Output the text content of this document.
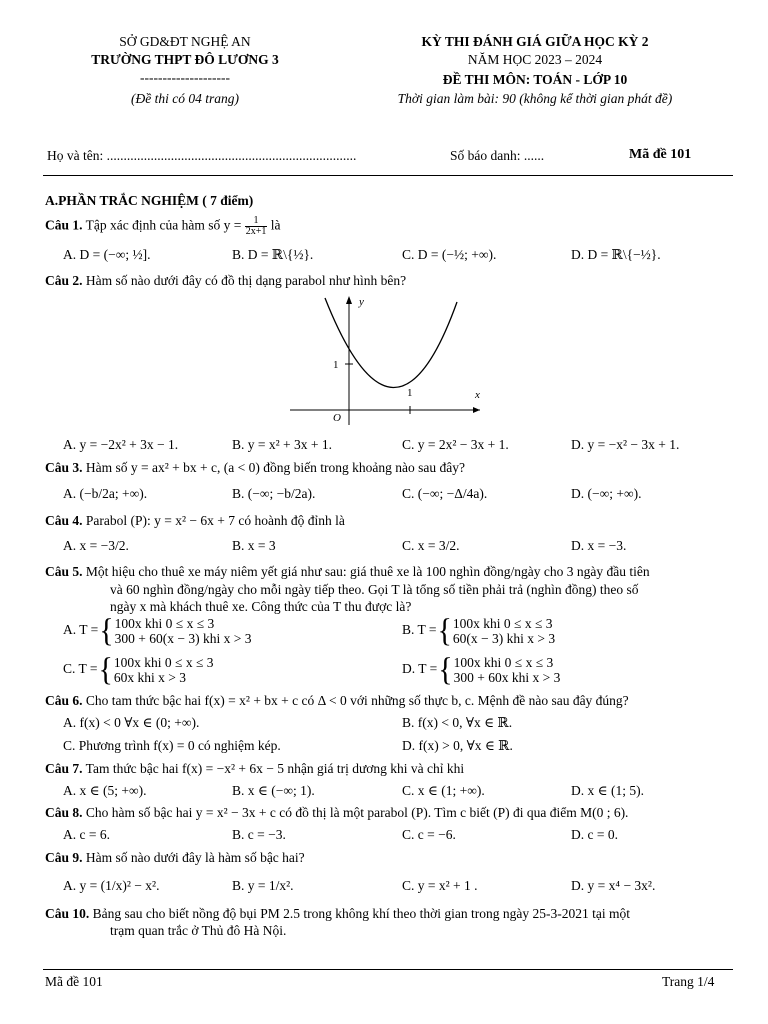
SỞ GD&ĐT NGHỆ AN
TRƯỜNG THPT ĐÔ LƯƠNG 3
--------------------
(Đề thi có 04 trang)
KỲ THI ĐÁNH GIÁ GIỮA HỌC KỲ 2
NĂM HỌC 2023 – 2024
ĐỀ THI MÔN: TOÁN - LỚP 10
Thời gian làm bài: 90 (không kể thời gian phát đề)
Họ và tên: ..........................................................................	Số báo danh: ......	Mã đề 101
A.PHẦN TRẮC NGHIỆM ( 7 điểm)
Câu 1. Tập xác định của hàm số $y = \frac{1}{2x+1}$ là
A. D = (−∞; ½].	B. D = ℝ\{½}.	C. D = (−½; +∞).	D. D = ℝ\{−½}.
Câu 2. Hàm số nào dưới đây có đồ thị dạng parabol như hình bên?
y
x
O
1
1
A. y = −2x² + 3x − 1.	B. y = x² + 3x + 1.	C. y = 2x² − 3x + 1.	D. y = −x² − 3x + 1.
Câu 3. Hàm số y = ax² + bx + c, (a < 0) đồng biến trong khoảng nào sau đây?
A. (−b/2a; +∞).	B. (−∞; −b/2a).	C. (−∞; −Δ/4a).	D. (−∞; +∞).
Câu 4. Parabol (P): y = x² − 6x + 7 có hoành độ đỉnh là
A. x = −3/2.	B. x = 3	C. x = 3/2.	D. x = −3.
Câu 5. Một hiệu cho thuê xe máy niêm yết giá như sau: giá thuê xe là 100 nghìn đồng/ngày cho 3 ngày đầu tiên
và 60 nghìn đồng/ngày cho mỗi ngày tiếp theo. Gọi T là tổng số tiền phải trả (nghìn đồng) theo số
ngày x mà khách thuê xe. Công thức của T thu được là?
A. T ={ 100x khi 0 ≤ x ≤ 3
300 + 60(x − 3) khi x > 3
B. T ={ 100x khi 0 ≤ x ≤ 3
60(x − 3) khi x > 3
C. T ={ 100x khi 0 ≤ x ≤ 3
60x khi x > 3
D. T ={ 100x khi 0 ≤ x ≤ 3
300 + 60x khi x > 3
Câu 6. Cho tam thức bậc hai f(x) = x² + bx + c có Δ < 0 với những số thực b, c. Mệnh đề nào sau đây đúng?
A. f(x) < 0 ∀x ∈ (0; +∞).	B. f(x) < 0, ∀x ∈ ℝ.
C. Phương trình f(x) = 0 có nghiệm kép.	D. f(x) > 0, ∀x ∈ ℝ.
Câu 7. Tam thức bậc hai f(x) = −x² + 6x − 5 nhận giá trị dương khi và chỉ khi
A. x ∈ (5; +∞).	B. x ∈ (−∞; 1).	C. x ∈ (1; +∞).	D. x ∈ (1; 5).
Câu 8. Cho hàm số bậc hai y = x² − 3x + c có đồ thị là một parabol (P). Tìm c biết (P) đi qua điểm M(0 ; 6).
A. c = 6.	B. c = −3.	C. c = −6.	D. c = 0.
Câu 9. Hàm số nào dưới đây là hàm số bậc hai?
A. y = (1/x)² − x².	B. y = 1/x².	C. y = x² + 1 .	D. y = x⁴ − 3x².
Câu 10. Bảng sau cho biết nồng độ bụi PM 2.5 trong không khí theo thời gian trong ngày 25-3-2021 tại một
trạm quan trắc ở Thủ đô Hà Nội.
Mã đề 101	Trang 1/4
